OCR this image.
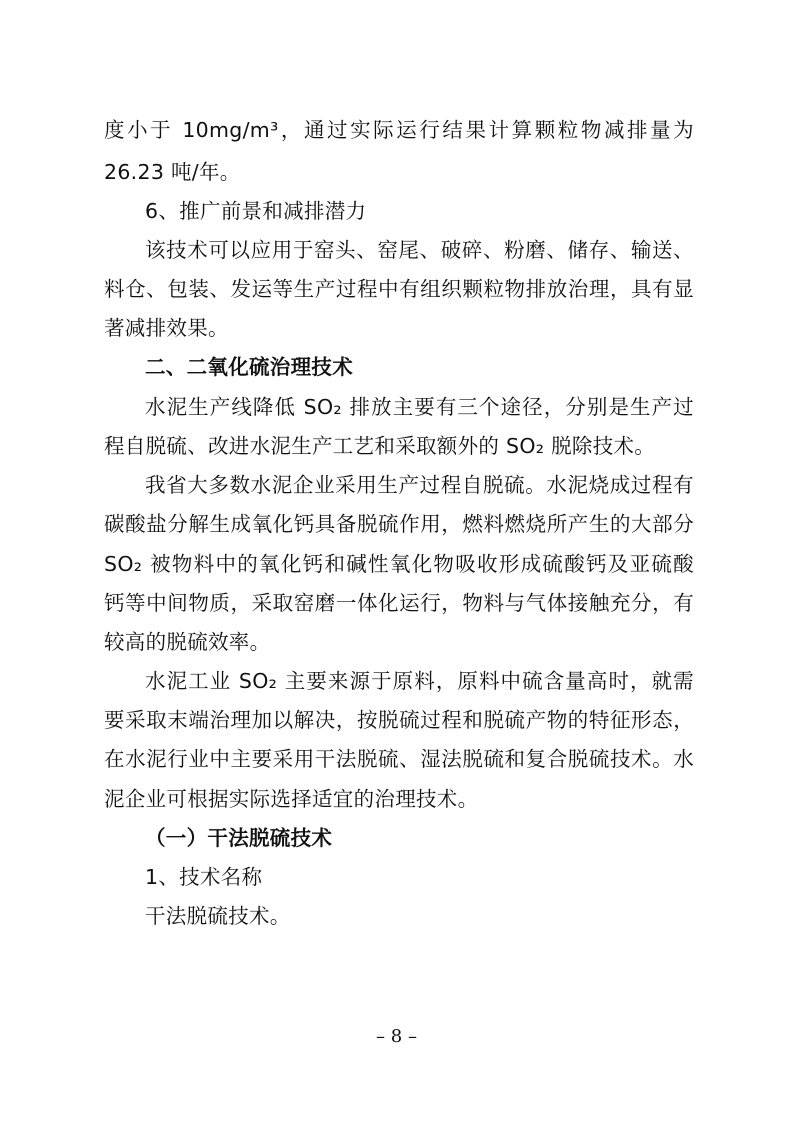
度小于 10mg/m³，通过实际运行结果计算颗粒物减排量为
26.23 吨/年。
6、推广前景和减排潜力
该技术可以应用于窑头、窑尾、破碎、粉磨、储存、输送、
料仓、包装、发运等生产过程中有组织颗粒物排放治理，具有显
著减排效果。
二、二氧化硫治理技术
水泥生产线降低 SO₂ 排放主要有三个途径，分别是生产过
程自脱硫、改进水泥生产工艺和采取额外的 SO₂ 脱除技术。
我省大多数水泥企业采用生产过程自脱硫。水泥烧成过程有
碳酸盐分解生成氧化钙具备脱硫作用，燃料燃烧所产生的大部分
SO₂ 被物料中的氧化钙和碱性氧化物吸收形成硫酸钙及亚硫酸
钙等中间物质，采取窑磨一体化运行，物料与气体接触充分，有
较高的脱硫效率。
水泥工业 SO₂ 主要来源于原料，原料中硫含量高时，就需
要采取末端治理加以解决，按脱硫过程和脱硫产物的特征形态，
在水泥行业中主要采用干法脱硫、湿法脱硫和复合脱硫技术。水
泥企业可根据实际选择适宜的治理技术。
（一）干法脱硫技术
1、技术名称
干法脱硫技术。
– 8 –
